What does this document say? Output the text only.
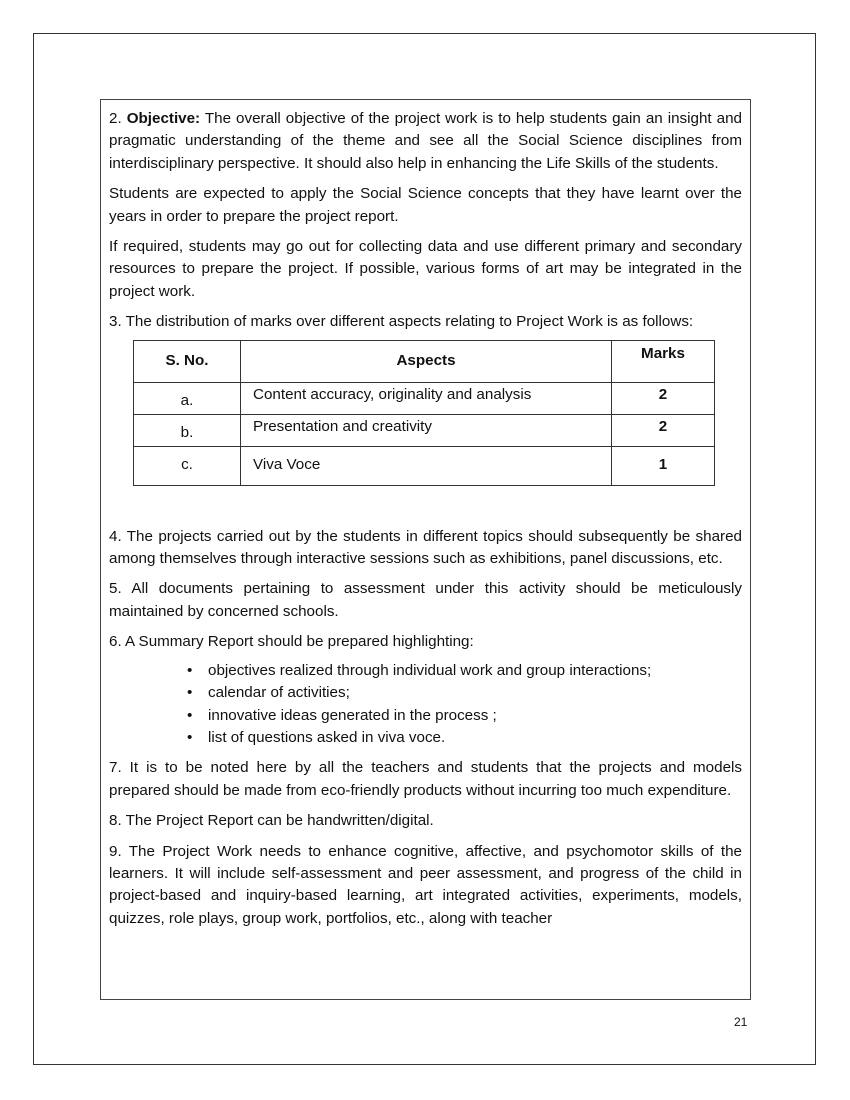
2. Objective: The overall objective of the project work is to help students gain an insight and pragmatic understanding of the theme and see all the Social Science disciplines from interdisciplinary perspective. It should also help in enhancing the Life Skills of the students.

Students are expected to apply the Social Science concepts that they have learnt over the years in order to prepare the project report.

If required, students may go out for collecting data and use different primary and secondary resources to prepare the project. If possible, various forms of art may be integrated in the project work.

3. The distribution of marks over different aspects relating to Project Work is as follows:

S. No.	Aspects	Marks
a.	Content accuracy, originality and analysis	2
b.	Presentation and creativity	2
c.	Viva Voce	1

4. The projects carried out by the students in different topics should subsequently be shared among themselves through interactive sessions such as exhibitions, panel discussions, etc.

5. All documents pertaining to assessment under this activity should be meticulously maintained by concerned schools.

6. A Summary Report should be prepared highlighting:

• objectives realized through individual work and group interactions;
• calendar of activities;
• innovative ideas generated in the process ;
• list of questions asked in viva voce.

7. It is to be noted here by all the teachers and students that the projects and models prepared should be made from eco-friendly products without incurring too much expenditure.

8. The Project Report can be handwritten/digital.

9. The Project Work needs to enhance cognitive, affective, and psychomotor skills of the learners. It will include self-assessment and peer assessment, and progress of the child in project-based and inquiry-based learning, art integrated activities, experiments, models, quizzes, role plays, group work, portfolios, etc., along with teacher

21
